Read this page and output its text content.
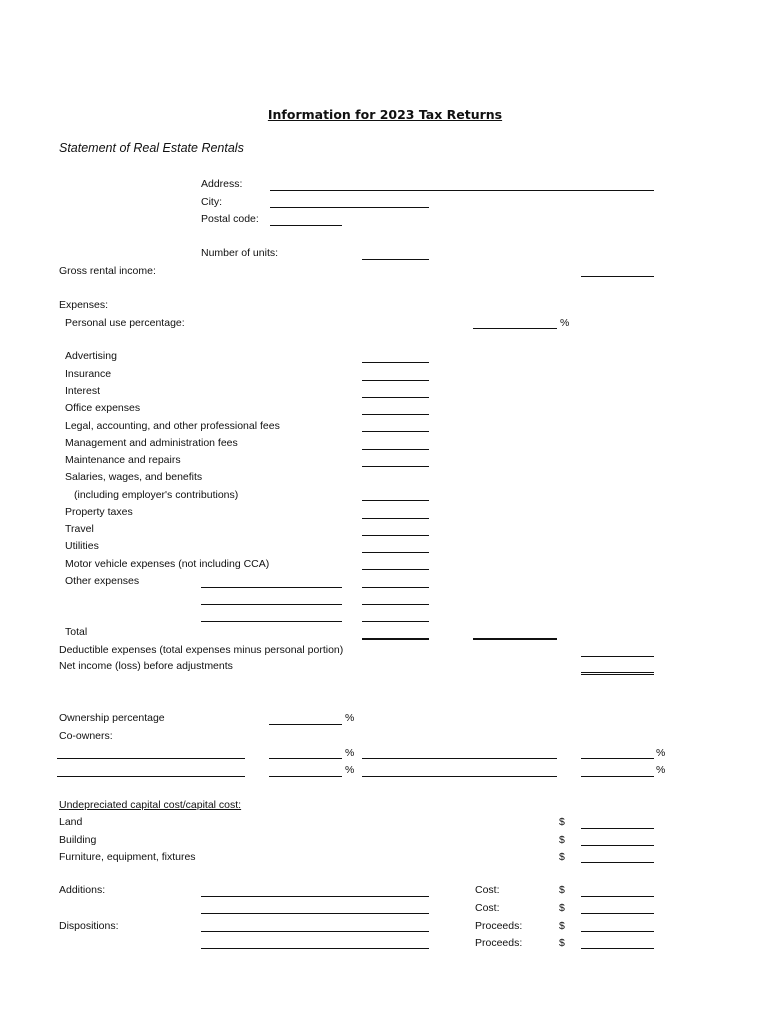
Information for 2023 Tax Returns
Statement of Real Estate Rentals
Address:
City:
Postal code:
Number of units:
Gross rental income:
Expenses:
Personal use percentage:	%
Advertising
Insurance
Interest
Office expenses
Legal, accounting, and other professional fees
Management and administration fees
Maintenance and repairs
Salaries, wages, and benefits
(including employer's contributions)
Property taxes
Travel
Utilities
Motor vehicle expenses (not including CCA)
Other expenses
Total
Deductible expenses (total expenses minus personal portion)
Net income (loss) before adjustments
Ownership percentage	%
Co-owners:
%	%
%	%
Undepreciated capital cost/capital cost:
Land	$
Building	$
Furniture, equipment, fixtures	$
Additions:	Cost:	$
Cost:	$
Dispositions:	Proceeds:	$
Proceeds:	$
